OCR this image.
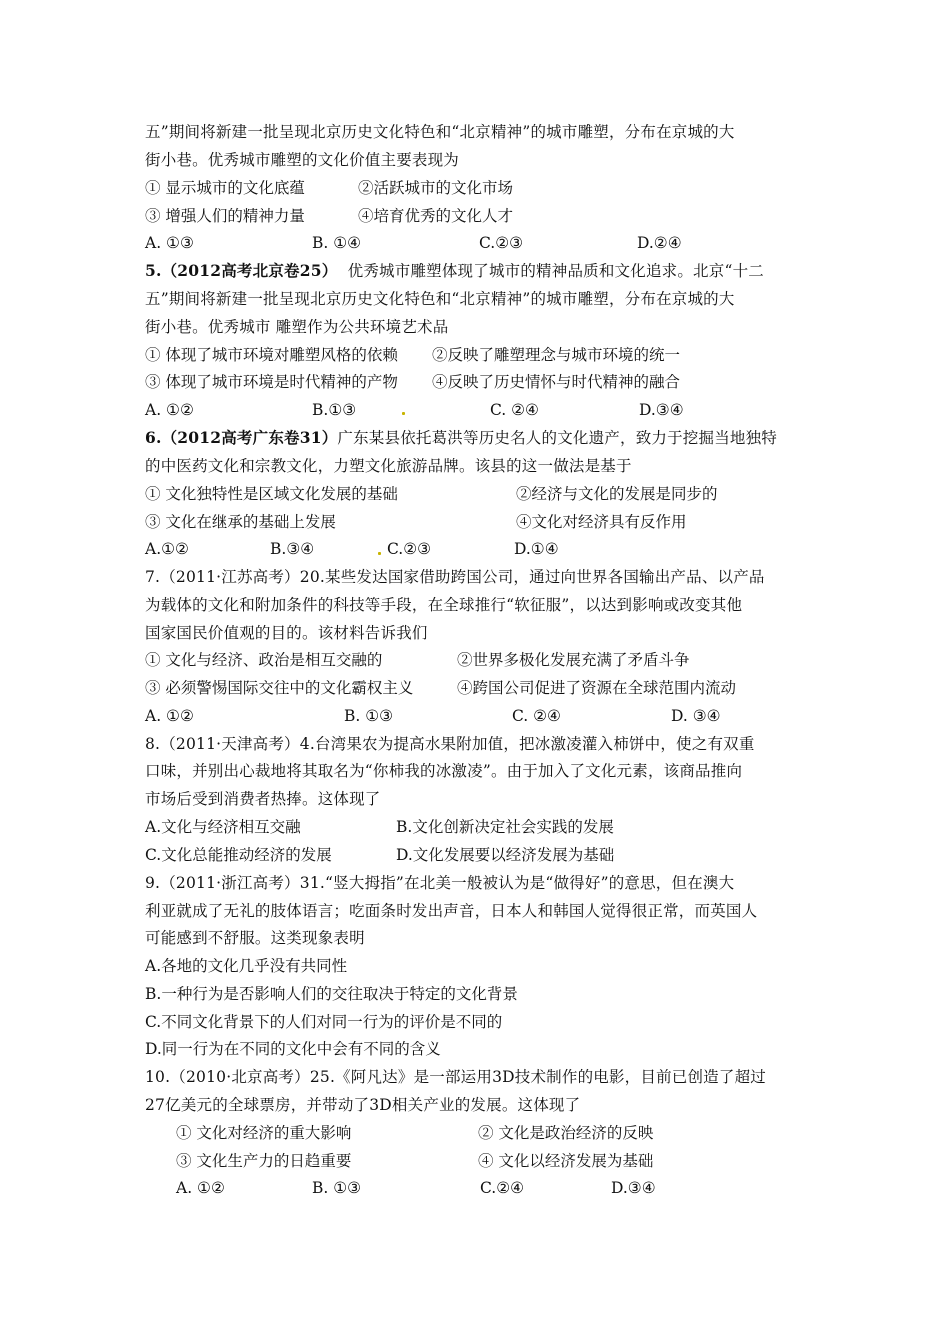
五”期间将新建一批呈现北京历史文化特色和“北京精神”的城市雕塑，分布在京城的大
街小巷。优秀城市雕塑的文化价值主要表现为
① 显示城市的文化底蕴	②活跃城市的文化市场
③ 增强人们的精神力量	④培育优秀的文化人才
A. ①③	B. ①④	C.②③	D.②④
5.（2012高考北京卷25）  优秀城市雕塑体现了城市的精神品质和文化追求。北京“十二
五”期间将新建一批呈现北京历史文化特色和“北京精神”的城市雕塑，分布在京城的大
街小巷。优秀城市 雕塑作为公共环境艺术品
① 体现了城市环境对雕塑风格的依赖 ②反映了雕塑理念与城市环境的统一
③ 体现了城市环境是时代精神的产物 ④反映了历史情怀与时代精神的融合
A. ①②	B.①③	C. ②④	D.③④
6.（2012高考广东卷31）广东某县依托葛洪等历史名人的文化遗产，致力于挖掘当地独特
的中医药文化和宗教文化，力塑文化旅游品牌。该县的这一做法是基于
① 文化独特性是区域文化发展的基础	②经济与文化的发展是同步的
③ 文化在继承的基础上发展	④文化对经济具有反作用
A.①②	B.③④	C.②③	D.①④
7.（2011·江苏高考）20.某些发达国家借助跨国公司，通过向世界各国输出产品、以产品
为载体的文化和附加条件的科技等手段，在全球推行“软征服”，以达到影响或改变其他
国家国民价值观的目的。该材料告诉我们
① 文化与经济、政治是相互交融的	②世界多极化发展充满了矛盾斗争
③ 必须警惕国际交往中的文化霸权主义	④跨国公司促进了资源在全球范围内流动
A. ①②	B. ①③	C. ②④	D. ③④
8.（2011·天津高考）4.台湾果农为提高水果附加值，把冰激凌灌入柿饼中，使之有双重
口味，并别出心裁地将其取名为“你柿我的冰激凌”。由于加入了文化元素，该商品推向
市场后受到消费者热捧。这体现了
A.文化与经济相互交融	B.文化创新决定社会实践的发展
C.文化总能推动经济的发展	D.文化发展要以经济发展为基础
9.（2011·浙江高考）31.“竖大拇指”在北美一般被认为是“做得好”的意思，但在澳大
利亚就成了无礼的肢体语言；吃面条时发出声音，日本人和韩国人觉得很正常，而英国人
可能感到不舒服。这类现象表明
A.各地的文化几乎没有共同性
B.一种行为是否影响人们的交往取决于特定的文化背景
C.不同文化背景下的人们对同一行为的评价是不同的
D.同一行为在不同的文化中会有不同的含义
10.（2010·北京高考）25.《阿凡达》是一部运用3D技术制作的电影，目前已创造了超过
27亿美元的全球票房，并带动了3D相关产业的发展。这体现了
① 文化对经济的重大影响	② 文化是政治经济的反映
③ 文化生产力的日趋重要	④ 文化以经济发展为基础
A. ①②	B. ①③	C.②④	D.③④
